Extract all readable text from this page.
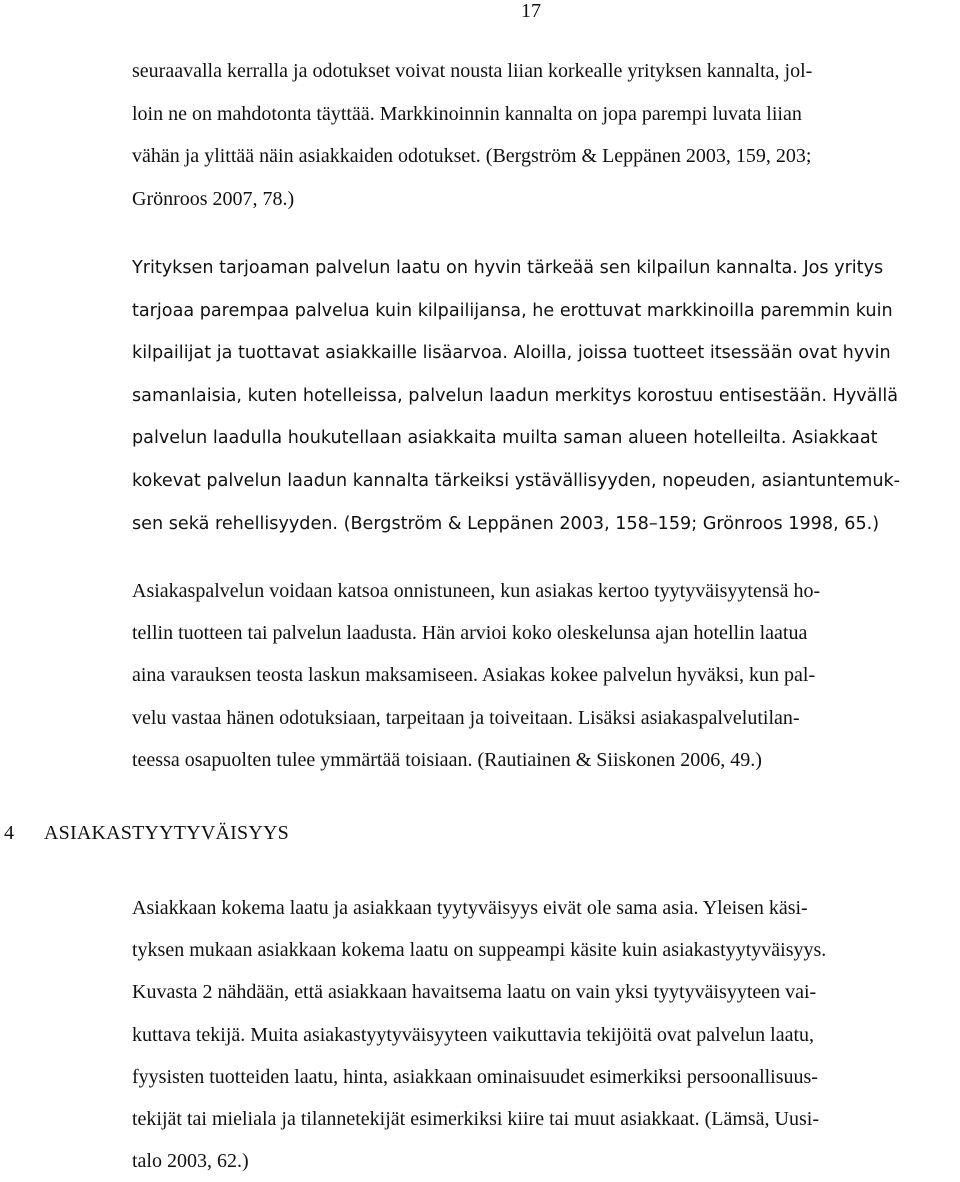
17

seuraavalla kerralla ja odotukset voivat nousta liian korkealle yrityksen kannalta, jol-
loin ne on mahdotonta täyttää. Markkinoinnin kannalta on jopa parempi luvata liian
vähän ja ylittää näin asiakkaiden odotukset. (Bergström & Leppänen 2003, 159, 203;
Grönroos 2007, 78.)

Yrityksen tarjoaman palvelun laatu on hyvin tärkeää sen kilpailun kannalta. Jos yritys
tarjoaa parempaa palvelua kuin kilpailijansa, he erottuvat markkinoilla paremmin kuin
kilpailijat ja tuottavat asiakkaille lisäarvoa. Aloilla, joissa tuotteet itsessään ovat hyvin
samanlaisia, kuten hotelleissa, palvelun laadun merkitys korostuu entisestään. Hyvällä
palvelun laadulla houkutellaan asiakkaita muilta saman alueen hotelleilta. Asiakkaat
kokevat palvelun laadun kannalta tärkeiksi ystävällisyyden, nopeuden, asiantuntemuk-
sen sekä rehellisyyden. (Bergström & Leppänen 2003, 158–159; Grönroos 1998, 65.)

Asiakaspalvelun voidaan katsoa onnistuneen, kun asiakas kertoo tyytyväisyytensä ho-
tellin tuotteen tai palvelun laadusta. Hän arvioi koko oleskelunsa ajan hotellin laatua
aina varauksen teosta laskun maksamiseen. Asiakas kokee palvelun hyväksi, kun pal-
velu vastaa hänen odotuksiaan, tarpeitaan ja toiveitaan. Lisäksi asiakaspalvelutilan-
teessa osapuolten tulee ymmärtää toisiaan. (Rautiainen & Siiskonen 2006, 49.)

4 ASIAKASTYYTYVÄISYYS

Asiakkaan kokema laatu ja asiakkaan tyytyväisyys eivät ole sama asia. Yleisen käsi-
tyksen mukaan asiakkaan kokema laatu on suppeampi käsite kuin asiakastyytyväisyys.
Kuvasta 2 nähdään, että asiakkaan havaitsema laatu on vain yksi tyytyväisyyteen vai-
kuttava tekijä. Muita asiakastyytyväisyyteen vaikuttavia tekijöitä ovat palvelun laatu,
fyysisten tuotteiden laatu, hinta, asiakkaan ominaisuudet esimerkiksi persoonallisuus-
tekijät tai mieliala ja tilannetekijät esimerkiksi kiire tai muut asiakkaat. (Lämsä, Uusi-
talo 2003, 62.)
